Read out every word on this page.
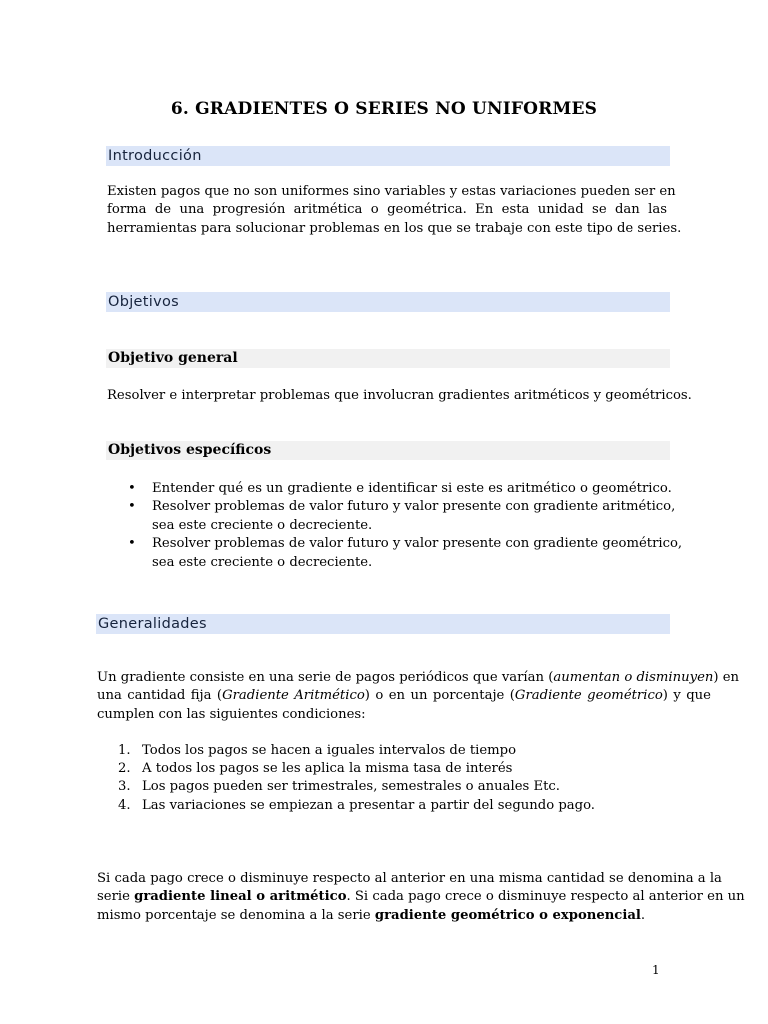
6. GRADIENTES O SERIES NO UNIFORMES
Introducción
Existen pagos que no son uniformes sino variables y estas variaciones pueden ser en
forma de una progresión aritmética o geométrica. En esta unidad se dan las
herramientas para solucionar problemas en los que se trabaje con este tipo de series.
Objetivos
Objetivo general
Resolver e interpretar problemas que involucran gradientes aritméticos y geométricos.
Objetivos específicos
• Entender qué es un gradiente e identificar si este es aritmético o geométrico.
• Resolver problemas de valor futuro y valor presente con gradiente aritmético,
sea este creciente o decreciente.
• Resolver problemas de valor futuro y valor presente con gradiente geométrico,
sea este creciente o decreciente.
Generalidades
Un gradiente consiste en una serie de pagos periódicos que varían (aumentan o disminuyen) en
una cantidad fija (Gradiente Aritmético) o en un porcentaje (Gradiente geométrico) y que
cumplen con las siguientes condiciones:
1. Todos los pagos se hacen a iguales intervalos de tiempo
2. A todos los pagos se les aplica la misma tasa de interés
3. Los pagos pueden ser trimestrales, semestrales o anuales Etc.
4. Las variaciones se empiezan a presentar a partir del segundo pago.
Si cada pago crece o disminuye respecto al anterior en una misma cantidad se denomina a la
serie gradiente lineal o aritmético. Si cada pago crece o disminuye respecto al anterior en un
mismo porcentaje se denomina a la serie gradiente geométrico o exponencial.
1
